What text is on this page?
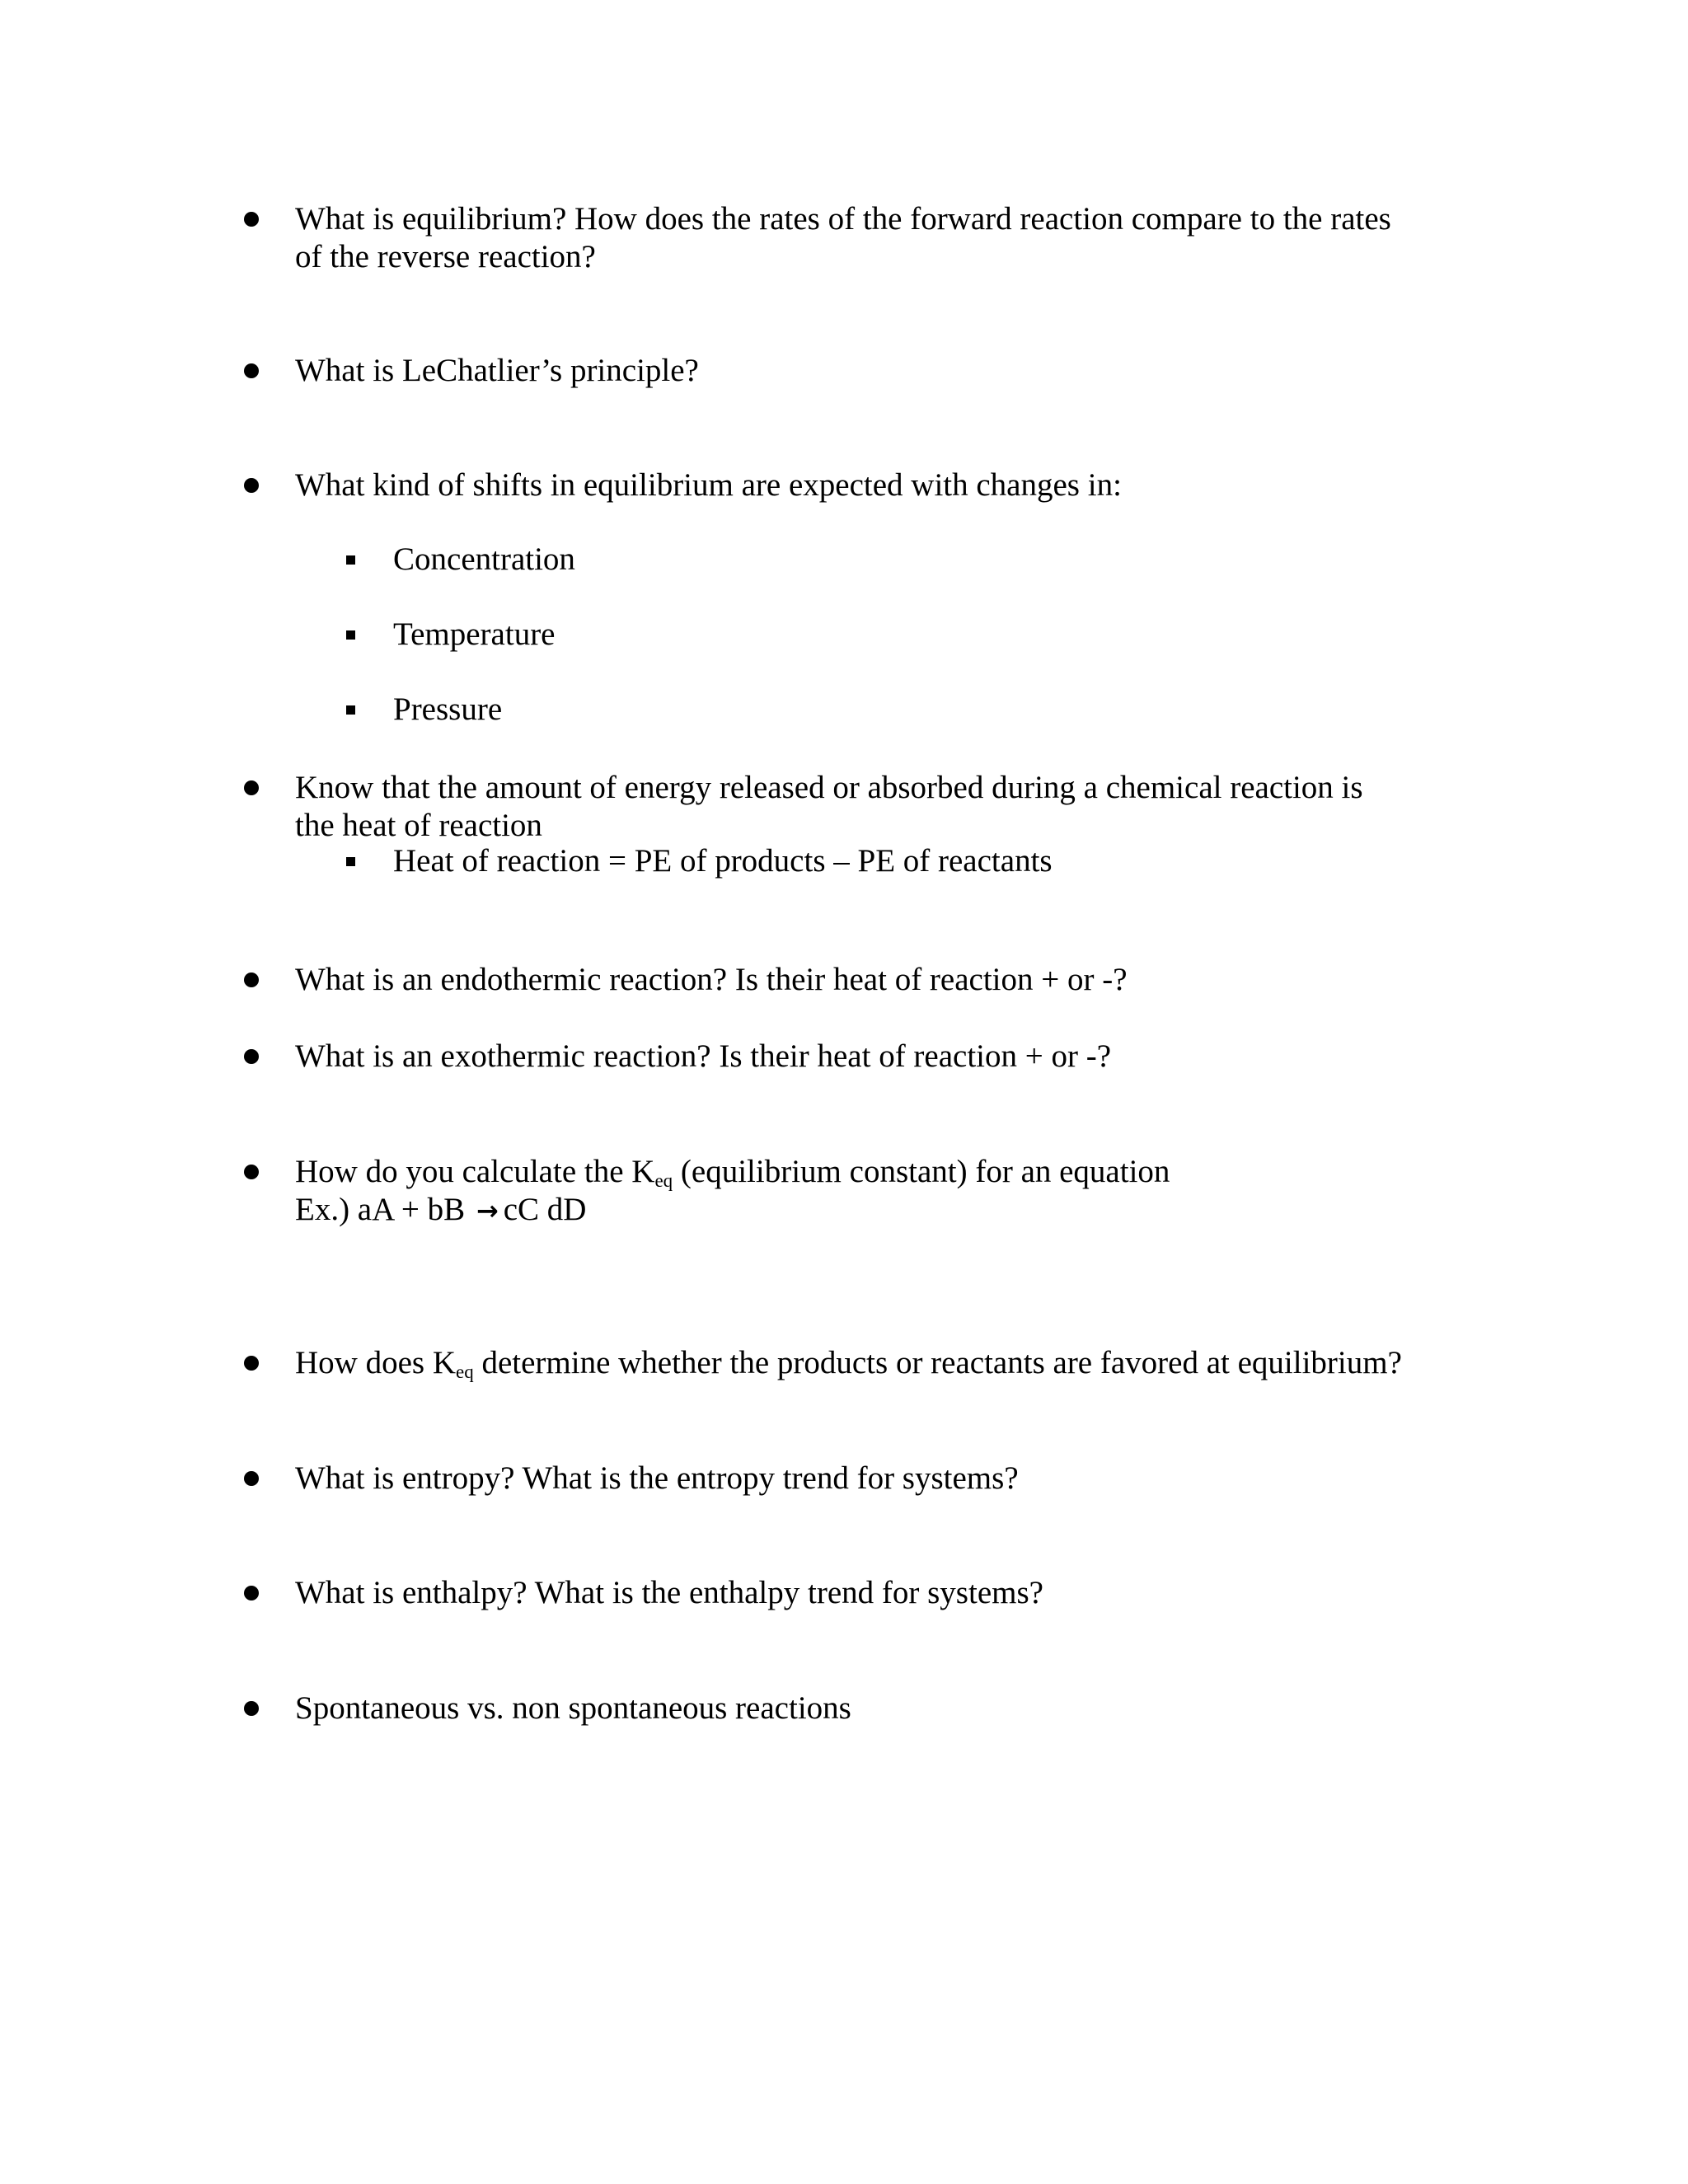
What is equilibrium? How does the rates of the forward reaction compare to the rates
of the reverse reaction?
What is LeChatlier’s principle?
What kind of shifts in equilibrium are expected with changes in:
Concentration
Temperature
Pressure
Know that the amount of energy released or absorbed during a chemical reaction is
the heat of reaction
Heat of reaction = PE of products – PE of reactants
What is an endothermic reaction? Is their heat of reaction + or -?
What is an exothermic reaction? Is their heat of reaction + or -?
How do you calculate the $K_{eq}$ (equilibrium constant) for an equation
Ex.) aA + bB → cC dD
How does $K_{eq}$ determine whether the products or reactants are favored at equilibrium?
What is entropy? What is the entropy trend for systems?
What is enthalpy? What is the enthalpy trend for systems?
Spontaneous vs. non spontaneous reactions
